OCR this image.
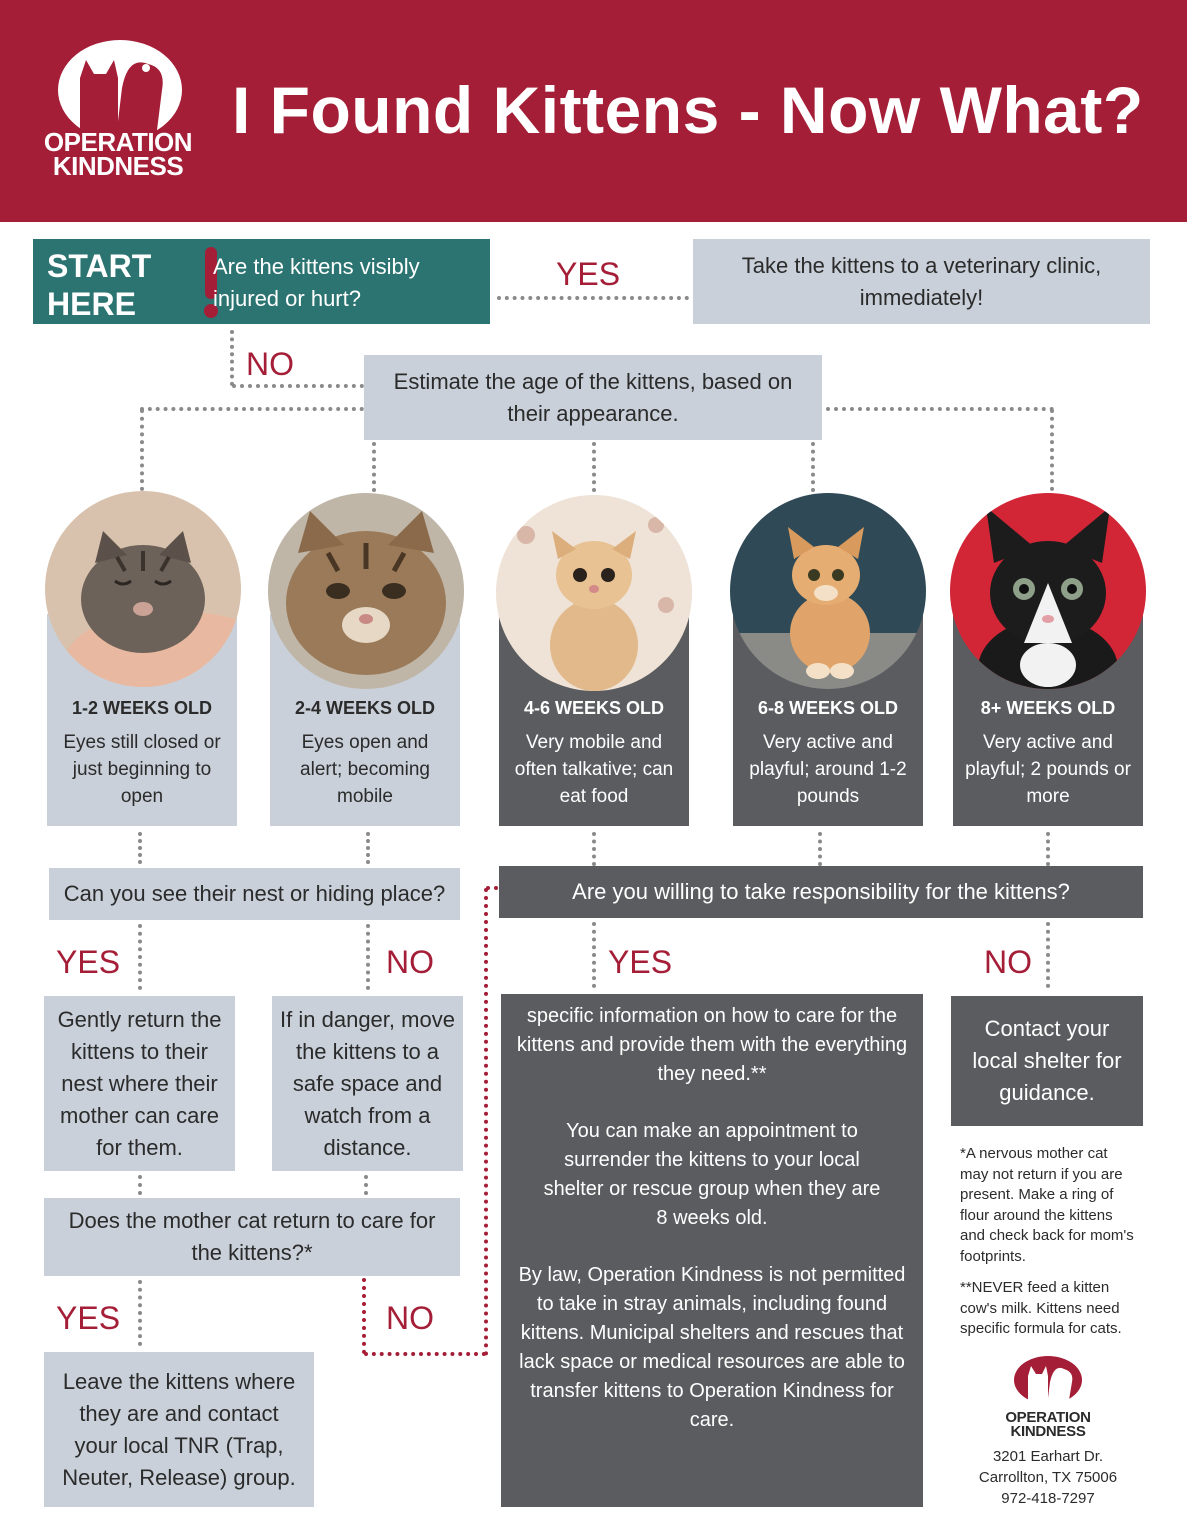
OPERATION
KINDNESS
I Found Kittens - Now What?
START
HERE
Are the kittens visibly injured or hurt?
YES	Take the kittens to a veterinary clinic, immediately!
NO	Estimate the age of the kittens, based on their appearance.
1-2 WEEKS OLD
Eyes still closed or just beginning to open
2-4 WEEKS OLD
Eyes open and alert; becoming mobile
4-6 WEEKS OLD
Very mobile and often talkative; can eat food
6-8 WEEKS OLD
Very active and playful; around 1-2 pounds
8+ WEEKS OLD
Very active and playful; 2 pounds or more
Can you see their nest or hiding place?	Are you willing to take responsibility for the kittens?
YES	NO
Gently return the kittens to their nest where their mother can care for them.
If in danger, move the kittens to a safe space and watch from a distance.
YES	NO
specific information on how to care for the kittens and provide them with the everything they need.**
You can make an appointment to surrender the kittens to your local shelter or rescue group when they are 8 weeks old.
By law, Operation Kindness is not permitted to take in stray animals, including found kittens. Municipal shelters and rescues that lack space or medical resources are able to transfer kittens to Operation Kindness for care.
Contact your local shelter for guidance.
*A nervous mother cat may not return if you are present. Make a ring of flour around the kittens and check back for mom's footprints.
**NEVER feed a kitten cow's milk. Kittens need specific formula for cats.
Does the mother cat return to care for the kittens?*
YES	NO
Leave the kittens where they are and contact your local TNR (Trap, Neuter, Release) group.
OPERATION
KINDNESS
3201 Earhart Dr.
Carrollton, TX 75006
972-418-7297
